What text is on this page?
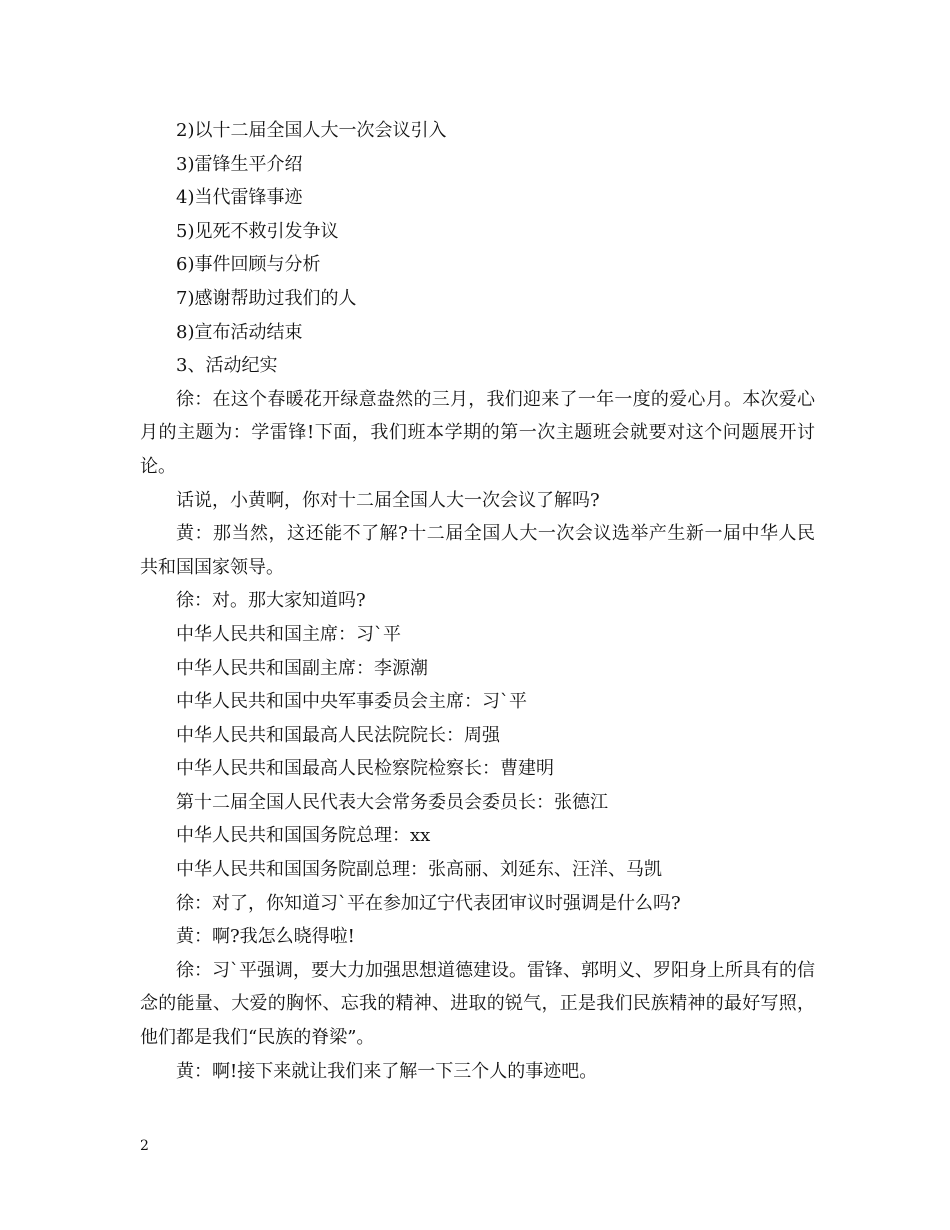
2)以十二届全国人大一次会议引入
3)雷锋生平介绍
4)当代雷锋事迹
5)见死不救引发争议
6)事件回顾与分析
7)感谢帮助过我们的人
8)宣布活动结束
3、活动纪实
徐：在这个春暖花开绿意盎然的三月，我们迎来了一年一度的爱心月。本次爱心月的主题为：学雷锋!下面，我们班本学期的第一次主题班会就要对这个问题展开讨论。
话说，小黄啊，你对十二届全国人大一次会议了解吗?
黄：那当然，这还能不了解?十二届全国人大一次会议选举产生新一届中华人民共和国国家领导。
徐：对。那大家知道吗?
中华人民共和国主席：习`平
中华人民共和国副主席：李源潮
中华人民共和国中央军事委员会主席：习`平
中华人民共和国最高人民法院院长：周强
中华人民共和国最高人民检察院检察长：曹建明
第十二届全国人民代表大会常务委员会委员长：张德江
中华人民共和国国务院总理：xx
中华人民共和国国务院副总理：张高丽、刘延东、汪洋、马凯
徐：对了，你知道习`平在参加辽宁代表团审议时强调是什么吗?
黄：啊?我怎么晓得啦!
徐：习`平强调，要大力加强思想道德建设。雷锋、郭明义、罗阳身上所具有的信念的能量、大爱的胸怀、忘我的精神、进取的锐气，正是我们民族精神的最好写照，他们都是我们“民族的脊梁”。
黄：啊!接下来就让我们来了解一下三个人的事迹吧。
2
